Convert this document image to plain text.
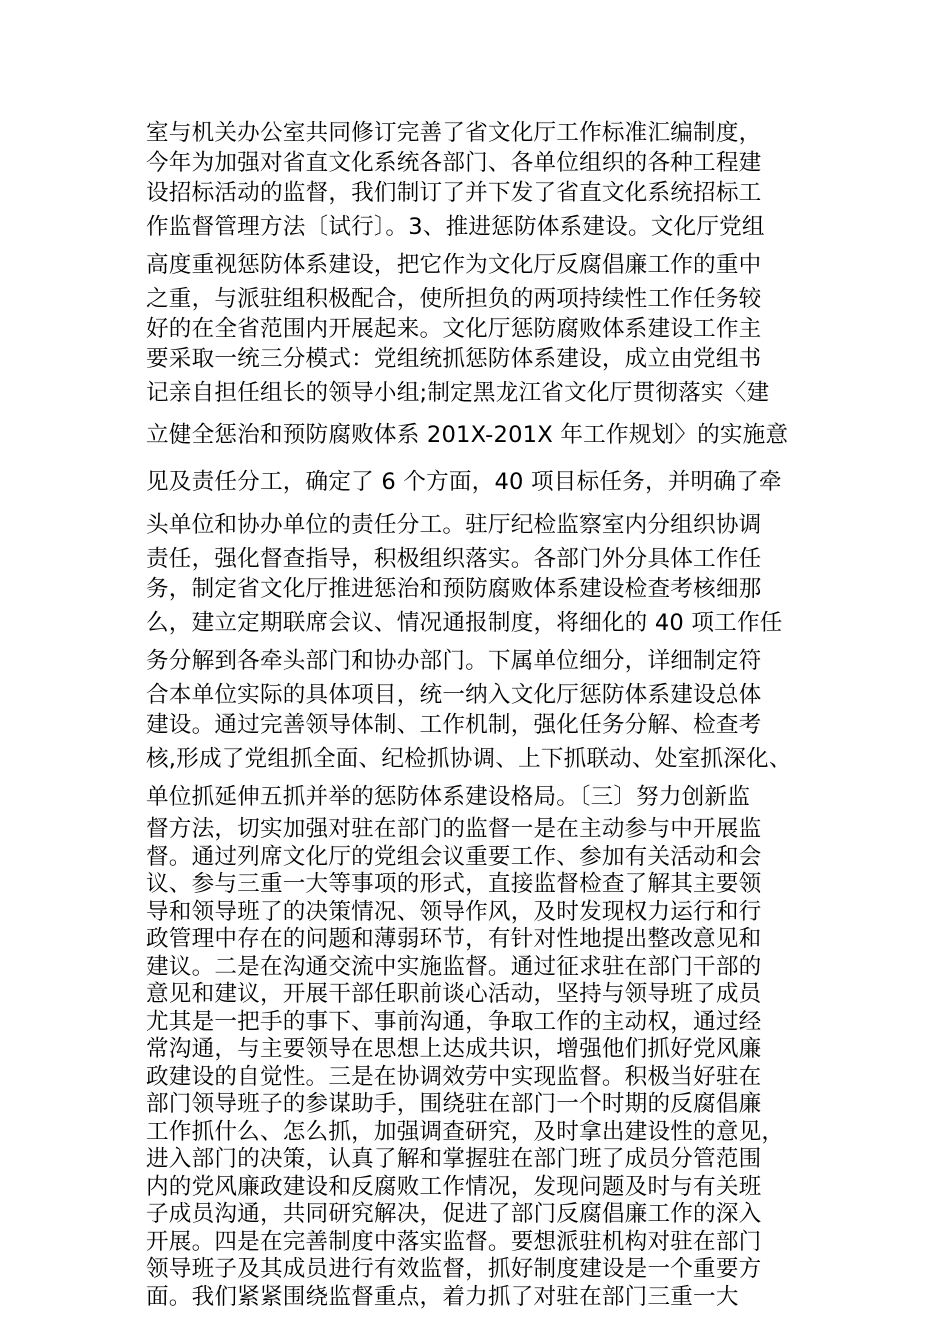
室与机关办公室共同修订完善了省文化厅工作标准汇编制度，

今年为加强对省直文化系统各部门、各单位组织的各种工程建

设招标活动的监督，我们制订了并下发了省直文化系统招标工

作监督管理方法〔试行〕。3、推进惩防体系建设。文化厅党组

高度重视惩防体系建设，把它作为文化厅反腐倡廉工作的重中

之重，与派驻组积极配合，使所担负的两项持续性工作任务较

好的在全省范围内开展起来。文化厅惩防腐败体系建设工作主

要采取一统三分模式：党组统抓惩防体系建设，成立由党组书

记亲自担任组长的领导小组;制定黑龙江省文化厅贯彻落实〈建

立健全惩治和预防腐败体系 201X-201X 年工作规划〉的实施意

见及责任分工，确定了 6 个方面，40 项目标任务，并明确了牵

头单位和协办单位的责任分工。驻厅纪检监察室内分组织协调

责任，强化督查指导，积极组织落实。各部门外分具体工作任

务，制定省文化厅推进惩治和预防腐败体系建设检查考核细那

么，建立定期联席会议、情况通报制度，将细化的 40 项工作任

务分解到各牵头部门和协办部门。下属单位细分，详细制定符

合本单位实际的具体项目，统一纳入文化厅惩防体系建设总体

建设。通过完善领导体制、工作机制，强化任务分解、检查考

核,形成了党组抓全面、纪检抓协调、上下抓联动、处室抓深化、

单位抓延伸五抓并举的惩防体系建设格局。〔三〕努力创新监

督方法，切实加强对驻在部门的监督一是在主动参与中开展监

督。通过列席文化厅的党组会议重要工作、参加有关活动和会

议、参与三重一大等事项的形式，直接监督检查了解其主要领

导和领导班了的决策情况、领导作风，及时发现权力运行和行

政管理中存在的问题和薄弱环节，有针对性地提出整改意见和

建议。二是在沟通交流中实施监督。通过征求驻在部门干部的

意见和建议，开展干部任职前谈心活动，坚持与领导班了成员

尤其是一把手的事下、事前沟通，争取工作的主动权，通过经

常沟通，与主要领导在思想上达成共识，增强他们抓好党风廉

政建设的自觉性。三是在协调效劳中实现监督。积极当好驻在

部门领导班子的参谋助手，围绕驻在部门一个时期的反腐倡廉

工作抓什么、怎么抓，加强调查研究，及时拿出建设性的意见，

进入部门的决策，认真了解和掌握驻在部门班了成员分管范围

内的党风廉政建设和反腐败工作情况，发现问题及时与有关班

子成员沟通，共同研究解决，促进了部门反腐倡廉工作的深入

开展。四是在完善制度中落实监督。要想派驻机构对驻在部门

领导班子及其成员进行有效监督，抓好制度建设是一个重要方

面。我们紧紧围绕监督重点，着力抓了对驻在部门三重一大
